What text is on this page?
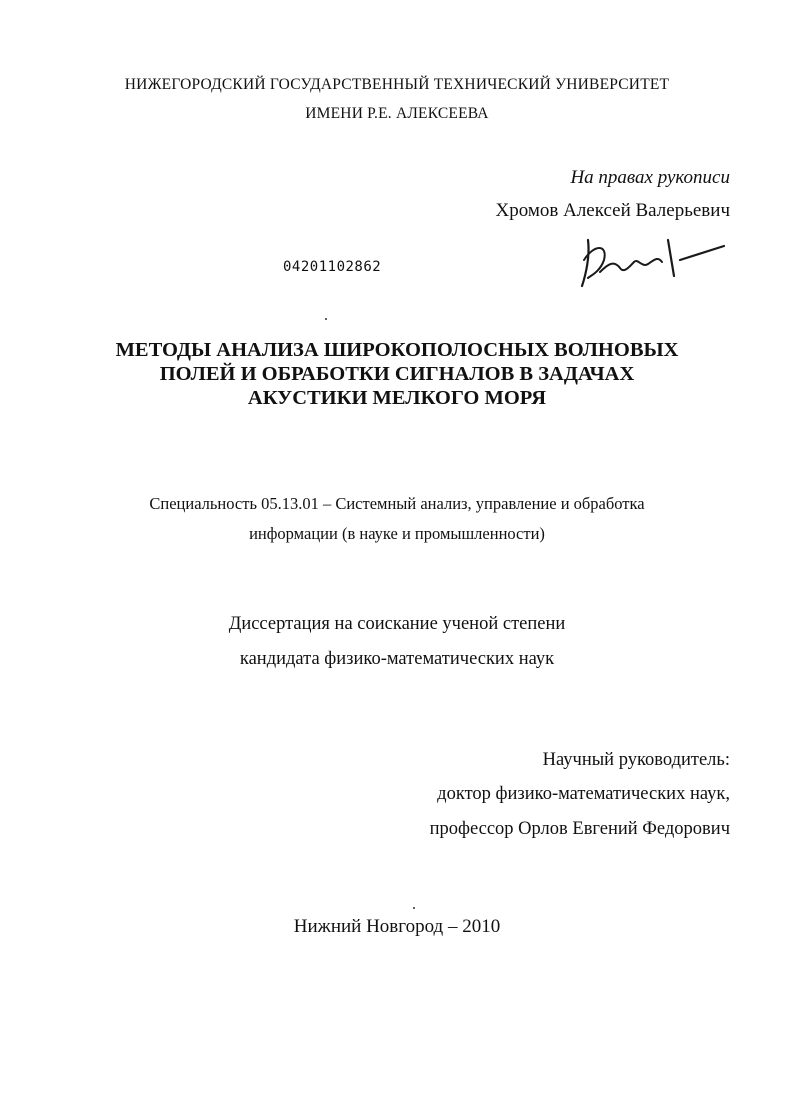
НИЖЕГОРОДСКИЙ ГОСУДАРСТВЕННЫЙ ТЕХНИЧЕСКИЙ УНИВЕРСИТЕТ
ИМЕНИ Р.Е. АЛЕКСЕЕВА
На правах рукописи
Хромов Алексей Валерьевич
04201102862
МЕТОДЫ АНАЛИЗА ШИРОКОПОЛОСНЫХ ВОЛНОВЫХ
ПОЛЕЙ И ОБРАБОТКИ СИГНАЛОВ В ЗАДАЧАХ
АКУСТИКИ МЕЛКОГО МОРЯ
Специальность 05.13.01 – Системный анализ, управление и обработка
информации (в науке и промышленности)
Диссертация на соискание ученой степени
кандидата физико-математических наук
Научный руководитель:
доктор физико-математических наук,
профессор Орлов Евгений Федорович
Нижний Новгород – 2010
